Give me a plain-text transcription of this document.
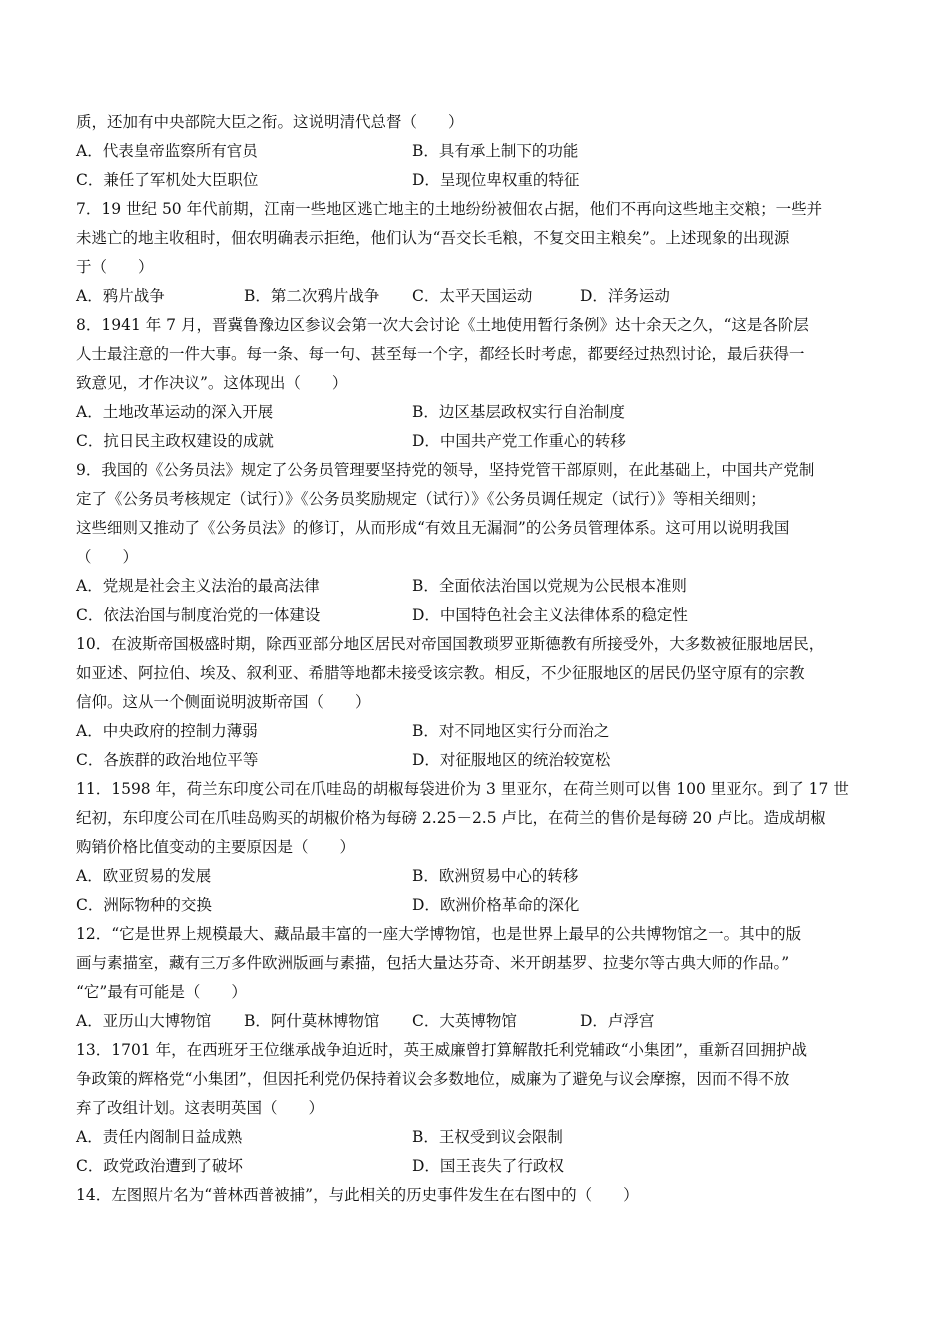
质，还加有中央部院大臣之衔。这说明清代总督（　　）
A．代表皇帝监察所有官员	B．具有承上制下的功能
C．兼任了军机处大臣职位	D．呈现位卑权重的特征
7．19 世纪 50 年代前期，江南一些地区逃亡地主的土地纷纷被佃农占据，他们不再向这些地主交粮；一些并
未逃亡的地主收租时，佃农明确表示拒绝，他们认为“吾交长毛粮，不复交田主粮矣”。上述现象的出现源
于（　　）
A．鸦片战争	B．第二次鸦片战争 C．太平天国运动	D．洋务运动
8．1941 年 7 月，晋冀鲁豫边区参议会第一次大会讨论《土地使用暂行条例》达十余天之久，“这是各阶层
人士最注意的一件大事。每一条、每一句、甚至每一个字，都经长时考虑，都要经过热烈讨论，最后获得一
致意见，才作决议”。这体现出（　　）
A．土地改革运动的深入开展	B．边区基层政权实行自治制度
C．抗日民主政权建设的成就	D．中国共产党工作重心的转移
9．我国的《公务员法》规定了公务员管理要坚持党的领导，坚持党管干部原则，在此基础上，中国共产党制
定了《公务员考核规定（试行）》《公务员奖励规定（试行）》《公务员调任规定（试行）》等相关细则；
这些细则又推动了《公务员法》的修订，从而形成“有效且无漏洞”的公务员管理体系。这可用以说明我国
（　　）
A．党规是社会主义法治的最高法律	B．全面依法治国以党规为公民根本准则
C．依法治国与制度治党的一体建设	D．中国特色社会主义法律体系的稳定性
10．在波斯帝国极盛时期，除西亚部分地区居民对帝国国教琐罗亚斯德教有所接受外，大多数被征服地居民，
如亚述、阿拉伯、埃及、叙利亚、希腊等地都未接受该宗教。相反，不少征服地区的居民仍坚守原有的宗教
信仰。这从一个侧面说明波斯帝国（　　）
A．中央政府的控制力薄弱	B．对不同地区实行分而治之
C．各族群的政治地位平等	D．对征服地区的统治较宽松
11．1598 年，荷兰东印度公司在爪哇岛的胡椒每袋进价为 3 里亚尔，在荷兰则可以售 100 里亚尔。到了 17 世
纪初，东印度公司在爪哇岛购买的胡椒价格为每磅 2.25－2.5 卢比，在荷兰的售价是每磅 20 卢比。造成胡椒
购销价格比值变动的主要原因是（　　）
A．欧亚贸易的发展	B．欧洲贸易中心的转移
C．洲际物种的交换	D．欧洲价格革命的深化
12．“它是世界上规模最大、藏品最丰富的一座大学博物馆，也是世界上最早的公共博物馆之一。其中的版
画与素描室，藏有三万多件欧洲版画与素描，包括大量达芬奇、米开朗基罗、拉斐尔等古典大师的作品。”
“它”最有可能是（　　）
A．亚历山大博物馆 B．阿什莫林博物馆 C．大英博物馆	D．卢浮宫
13．1701 年，在西班牙王位继承战争迫近时，英王威廉曾打算解散托利党辅政“小集团”，重新召回拥护战
争政策的辉格党“小集团”，但因托利党仍保持着议会多数地位，威廉为了避免与议会摩擦，因而不得不放
弃了改组计划。这表明英国（　　）
A．责任内阁制日益成熟	B．王权受到议会限制
C．政党政治遭到了破坏	D．国王丧失了行政权
14．左图照片名为“普林西普被捕”，与此相关的历史事件发生在右图中的（　　）
